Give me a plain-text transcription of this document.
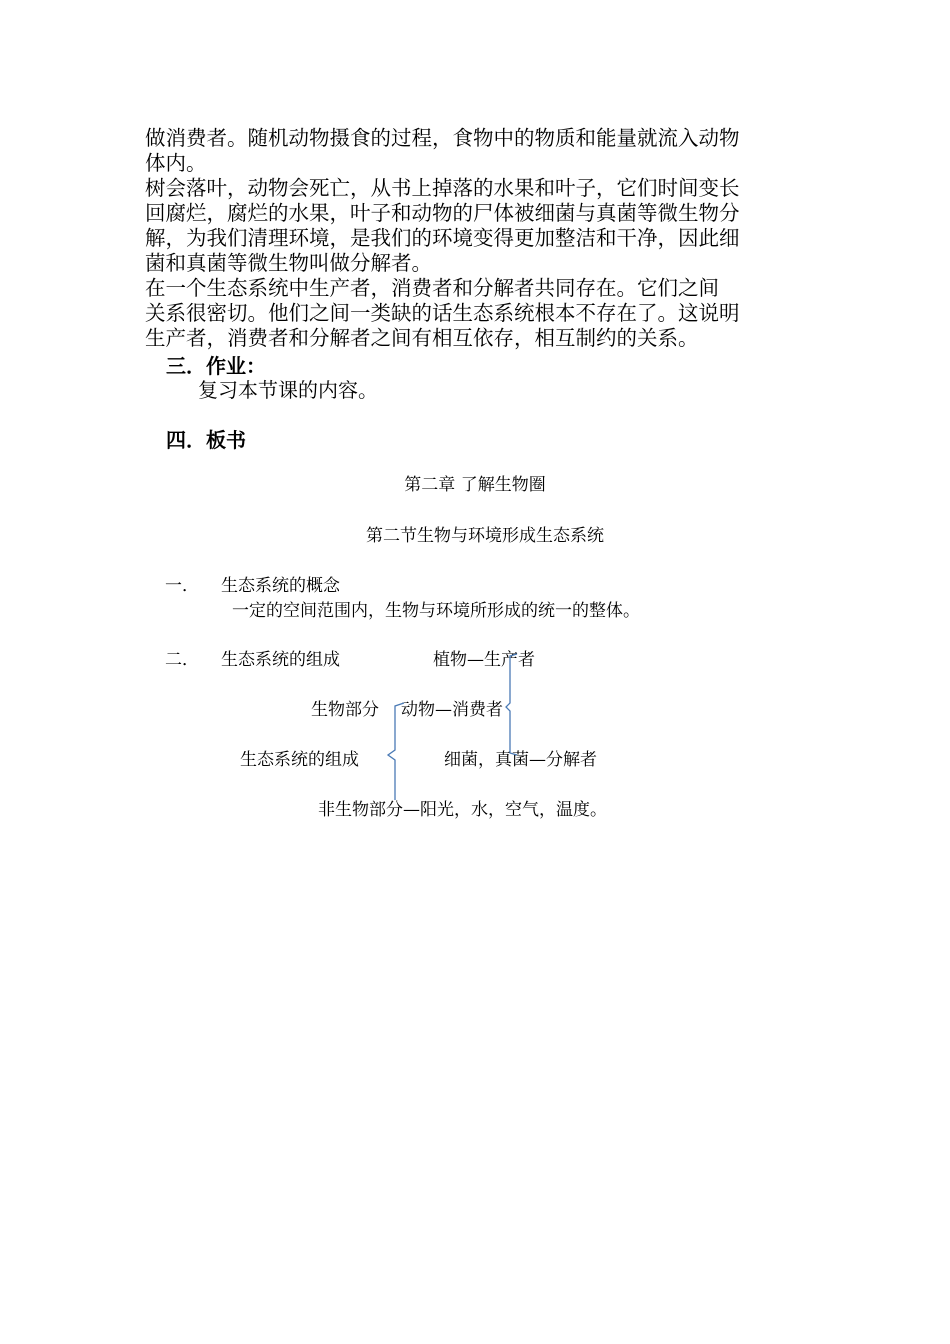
做消费者。随机动物摄食的过程，食物中的物质和能量就流入动物
体内。
树会落叶，动物会死亡，从书上掉落的水果和叶子，它们时间变长
回腐烂，腐烂的水果，叶子和动物的尸体被细菌与真菌等微生物分
解，为我们清理环境，是我们的环境变得更加整洁和干净，因此细
菌和真菌等微生物叫做分解者。
在一个生态系统中生产者，消费者和分解者共同存在。它们之间
关系很密切。他们之间一类缺的话生态系统根本不存在了。这说明
生产者，消费者和分解者之间有相互依存，相互制约的关系。
三．作业：
复习本节课的内容。
四．板书
第二章 了解生物圈
第二节生物与环境形成生态系统
一． 生态系统的概念
一定的空间范围内，生物与环境所形成的统一的整体。
二． 生态系统的组成	植物—生产者
生物部分 动物—消费者
生态系统的组成	细菌，真菌—分解者
非生物部分—阳光，水，空气，温度。
